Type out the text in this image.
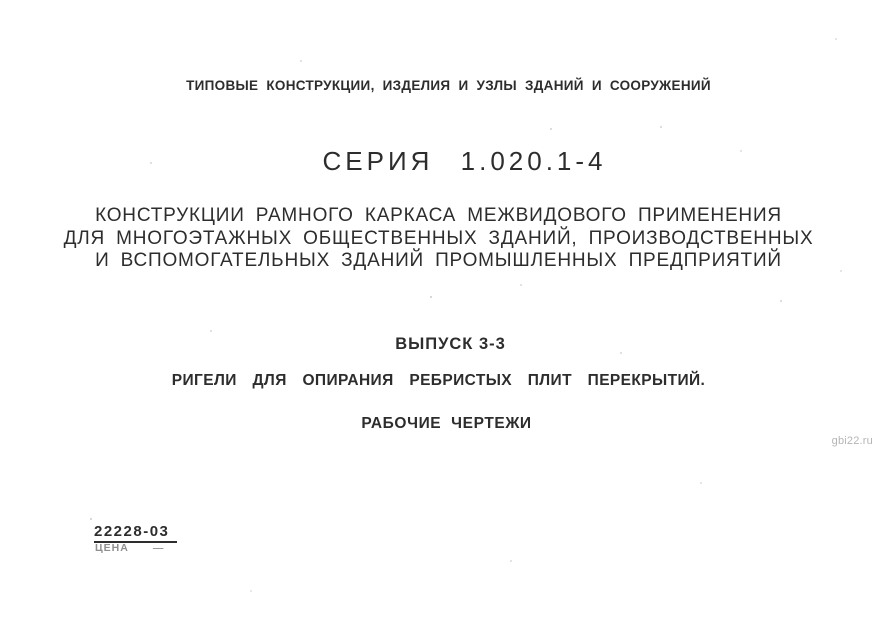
ТИПОВЫЕ КОНСТРУКЦИИ, ИЗДЕЛИЯ И УЗЛЫ ЗДАНИЙ И СООРУЖЕНИЙ
СЕРИЯ 1.020.1-4
КОНСТРУКЦИИ РАМНОГО КАРКАСА МЕЖВИДОВОГО ПРИМЕНЕНИЯ
ДЛЯ МНОГОЭТАЖНЫХ ОБЩЕСТВЕННЫХ ЗДАНИЙ, ПРОИЗВОДСТВЕННЫХ
И ВСПОМОГАТЕЛЬНЫХ ЗДАНИЙ ПРОМЫШЛЕННЫХ ПРЕДПРИЯТИЙ
ВЫПУСК 3-3
РИГЕЛИ ДЛЯ ОПИРАНИЯ РЕБРИСТЫХ ПЛИТ ПЕРЕКРЫТИЙ.
РАБОЧИЕ ЧЕРТЕЖИ
22228-03
ЦЕНА —
gbi22.ru
